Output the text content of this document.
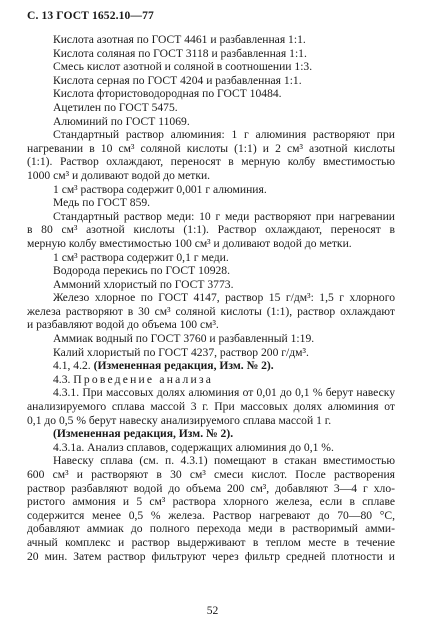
С. 13 ГОСТ 1652.10—77
Кислота азотная по ГОСТ 4461 и разбавленная 1:1.
Кислота соляная по ГОСТ 3118 и разбавленная 1:1.
Смесь кислот азотной и соляной в соотношении 1:3.
Кислота серная по ГОСТ 4204 и разбавленная 1:1.
Кислота фтористоводородная по ГОСТ 10484.
Ацетилен по ГОСТ 5475.
Алюминий по ГОСТ 11069.
Стандартный раствор алюминия: 1 г алюминия растворяют при
нагревании в 10 см³ соляной кислоты (1:1) и 2 см³ азотной кислоты
(1:1). Раствор охлаждают, переносят в мерную колбу вместимостью
1000 см³ и доливают водой до метки.
1 см³ раствора содержит 0,001 г алюминия.
Медь по ГОСТ 859.
Стандартный раствор меди: 10 г меди растворяют при нагревании
в 80 см³ азотной кислоты (1:1). Раствор охлаждают, переносят в
мерную колбу вместимостью 100 см³ и доливают водой до метки.
1 см³ раствора содержит 0,1 г меди.
Водорода перекись по ГОСТ 10928.
Аммоний хлористый по ГОСТ 3773.
Железо хлорное по ГОСТ 4147, раствор 15 г/дм³: 1,5 г хлорного
железа растворяют в 30 см³ соляной кислоты (1:1), раствор охлаждают
и разбавляют водой до объема 100 см³.
Аммиак водный по ГОСТ 3760 и разбавленный 1:19.
Калий хлористый по ГОСТ 4237, раствор 200 г/дм³.
4.1, 4.2. (Измененная редакция, Изм. № 2).
4.3. Проведение анализа
4.3.1. При массовых долях алюминия от 0,01 до 0,1 % берут навеску
анализируемого сплава массой 3 г. При массовых долях алюминия от
0,1 до 0,5 % берут навеску анализируемого сплава массой 1 г.
(Измененная редакция, Изм. № 2).
4.3.1а. Анализ сплавов, содержащих алюминия до 0,1 %.
Навеску сплава (см. п. 4.3.1) помещают в стакан вместимостью
600 см³ и растворяют в 30 см³ смеси кислот. После растворения
раствор разбавляют водой до объема 200 см³, добавляют 3—4 г хло-
ристого аммония и 5 см³ раствора хлорного железа, если в сплаве
содержится менее 0,5 % железа. Раствор нагревают до 70—80 °С,
добавляют аммиак до полного перехода меди в растворимый амми-
ачный комплекс и раствор выдерживают в теплом месте в течение
20 мин. Затем раствор фильтруют через фильтр средней плотности и
52
